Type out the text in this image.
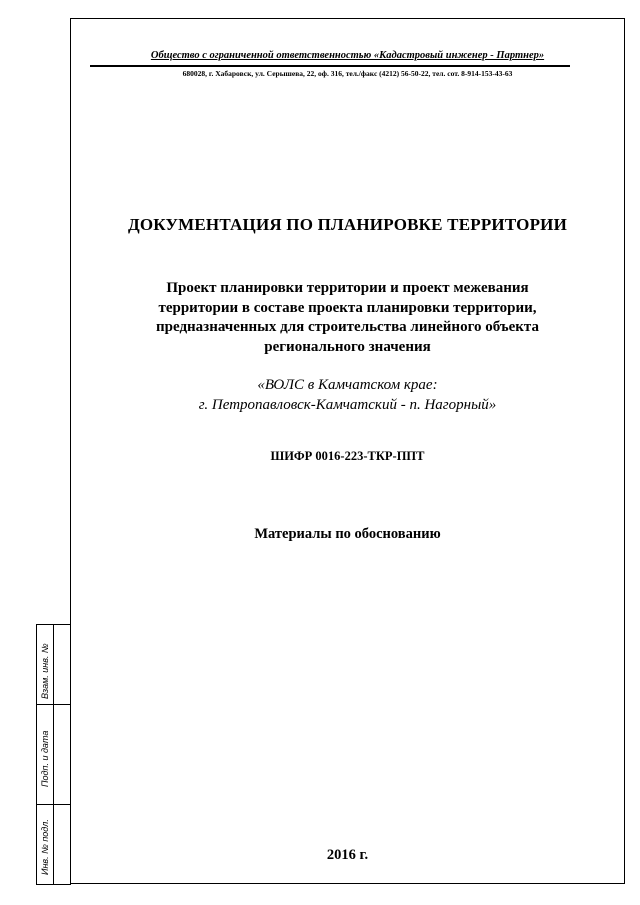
Взам. инв. №
Подп. и дата
Инв. № подл.
Общество с ограниченной ответственностью «Кадастровый инженер - Партнер»
680028, г. Хабаровск, ул. Серышева, 22, оф. 316, тел./факс (4212) 56-50-22, тел. сот. 8-914-153-43-63
ДОКУМЕНТАЦИЯ ПО ПЛАНИРОВКЕ ТЕРРИТОРИИ
Проект планировки территории и проект межевания
территории в составе проекта планировки территории,
предназначенных для строительства линейного объекта
регионального значения
«ВОЛС в Камчатском крае:
г. Петропавловск-Камчатский - п. Нагорный»
ШИФР 0016-223-ТКР-ППТ
Материалы по обоснованию
2016 г.
